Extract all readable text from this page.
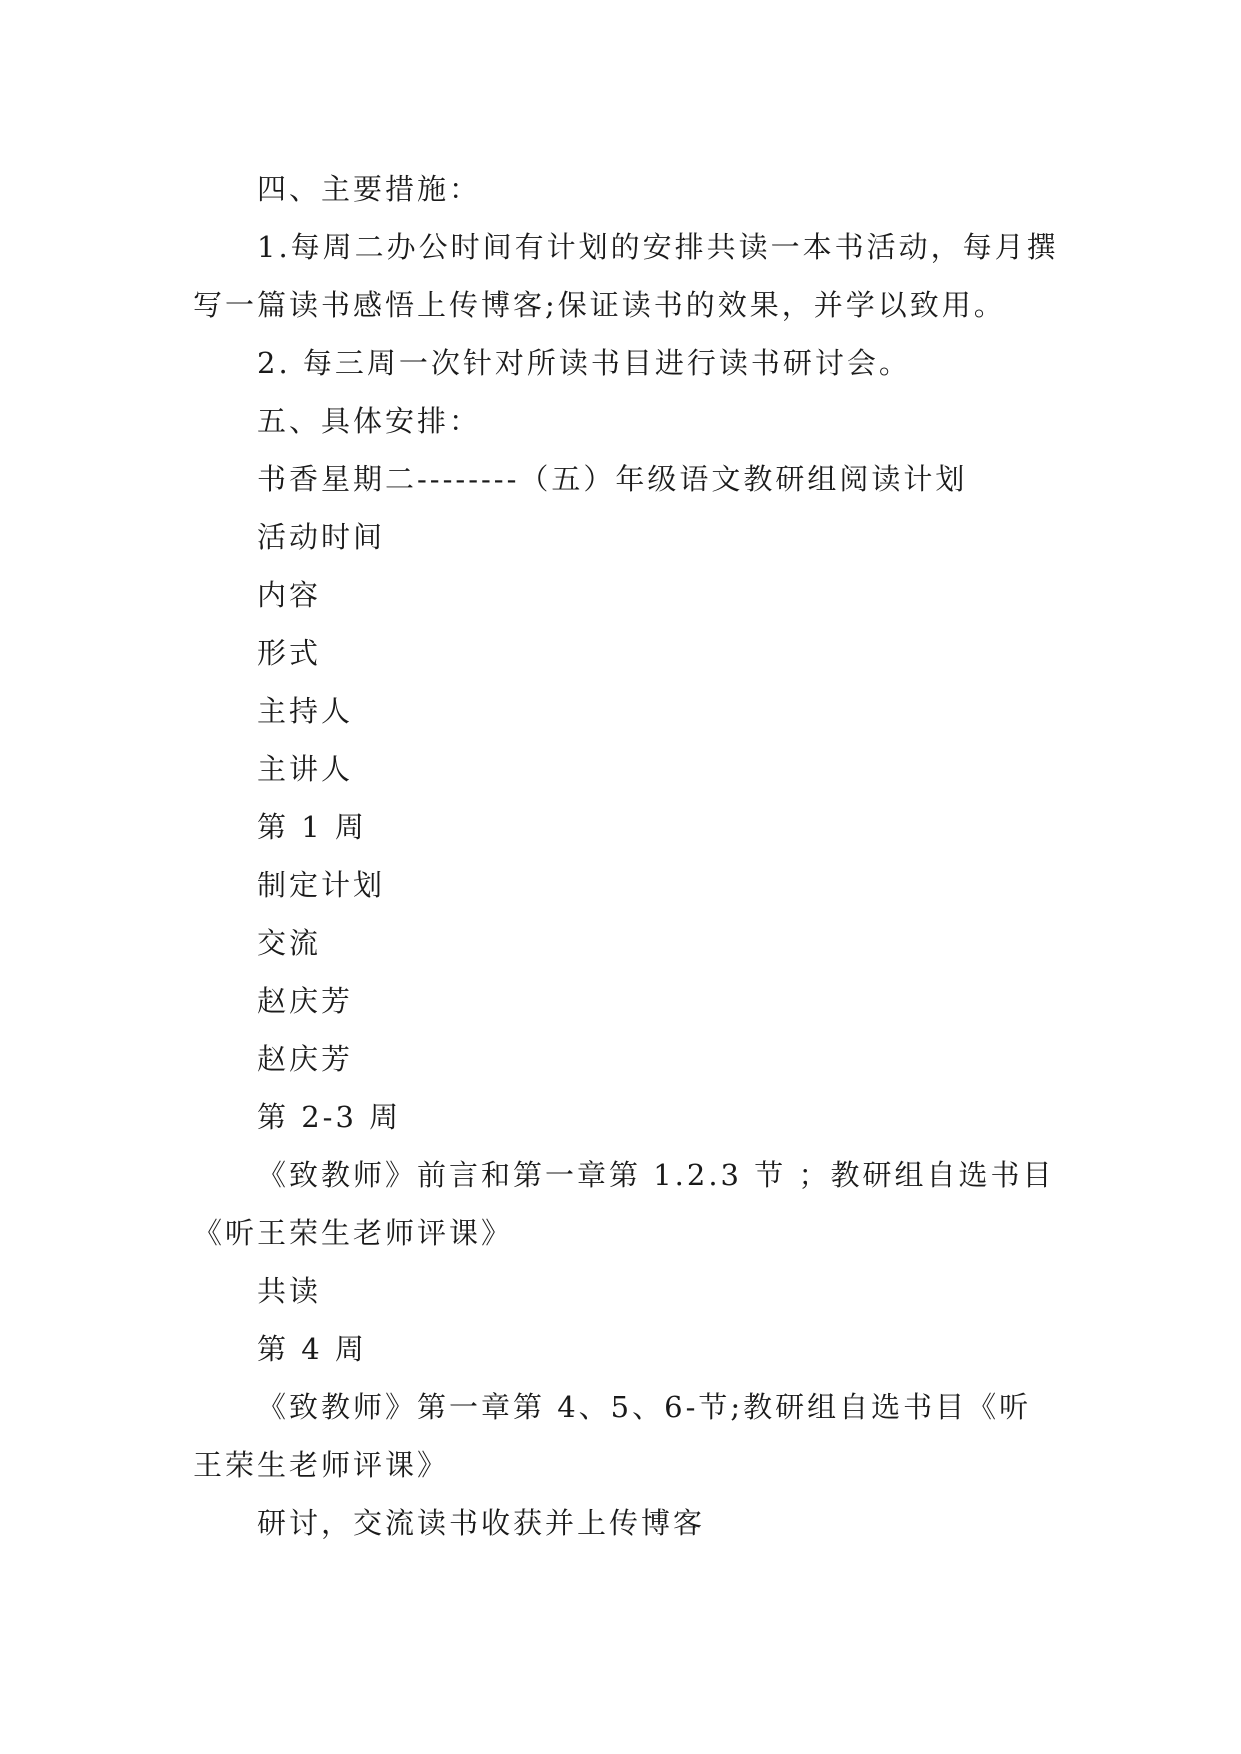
四、主要措施：

1.每周二办公时间有计划的安排共读一本书活动，每月撰写一篇读书感悟上传博客;保证读书的效果，并学以致用。

2. 每三周一次针对所读书目进行读书研讨会。

五、具体安排：

书香星期二--------（五）年级语文教研组阅读计划

活动时间

内容

形式

主持人

主讲人

第 1 周

制定计划

交流

赵庆芳

赵庆芳

第 2-3 周

《致教师》前言和第一章第 1.2.3 节 ；教研组自选书目《听王荣生老师评课》

共读

第 4 周

《致教师》第一章第 4、5、6-节;教研组自选书目《听王荣生老师评课》

研讨，交流读书收获并上传博客
